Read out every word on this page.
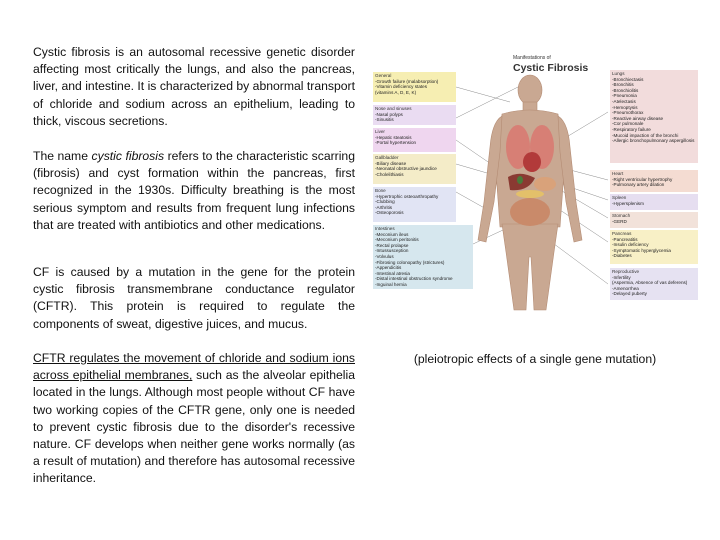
Cystic fibrosis is an autosomal recessive genetic disorder affecting most critically the lungs, and also the pancreas, liver, and intestine. It is characterized by abnormal transport of chloride and sodium across an epithelium, leading to thick, viscous secretions.

The name cystic fibrosis refers to the characteristic scarring (fibrosis) and cyst formation within the pancreas, first recognized in the 1930s. Difficulty breathing is the most serious symptom and results from frequent lung infections that are treated with antibiotics and other medications.

CF is caused by a mutation in the gene for the protein cystic fibrosis transmembrane conductance regulator (CFTR). This protein is required to regulate the components of sweat, digestive juices, and mucus.

CFTR regulates the movement of chloride and sodium ions across epithelial membranes, such as the alveolar epithelia located in the lungs. Although most people without CF have two working copies of the CFTR gene, only one is needed to prevent cystic fibrosis due to the disorder's recessive nature. CF develops when neither gene works normally (as a result of mutation) and therefore has autosomal recessive inheritance.

Manifestations of
Cystic Fibrosis
General
-Growth failure (malabsorption)
-Vitamin deficiency states
(vitamins A, D, E, K)
Nose and sinuses
-Nasal polyps
-Sinusitis
Liver
-Hepatic steatosis
-Portal hypertension
Gallbladder
-Biliary disease
-Neonatal obstructive jaundice
-Cholelithiasis
Bone
-Hypertrophic osteoarthropathy
-Clubbing
-Arthritis
-Osteoporosis
Intestines
-Meconium ileus
-Meconium peritonitis
-Rectal prolapse
-Intussusception
-Volvulus
-Fibrosing colonopathy (strictures)
-Appendicitis
-Intestinal atresia
-Distal intestinal obstruction syndrome
-Inguinal hernia
Lungs
-Bronchiectasis
-Bronchitis
-Bronchiolitis
-Pneumonia
-Atelectasis
-Hemoptysis
-Pneumothorax
-Reactive airway disease
-Cor pulmonale
-Respiratory failure
-Mucoid impaction of the bronchi
-Allergic bronchopulmonary aspergillosis
Heart
-Right ventricular hypertrophy
-Pulmonary artery dilation
Spleen
-Hypersplenism
Stomach
-GERD
Pancreas
-Pancreatitis
-Insulin deficiency
-Symptomatic hyperglycemia
-Diabetes
Reproductive
-Infertility
(Aspermia, Absence of vas deferens)
-Amenorrhea
-Delayed puberty
(pleiotropic effects of a single gene mutation)
